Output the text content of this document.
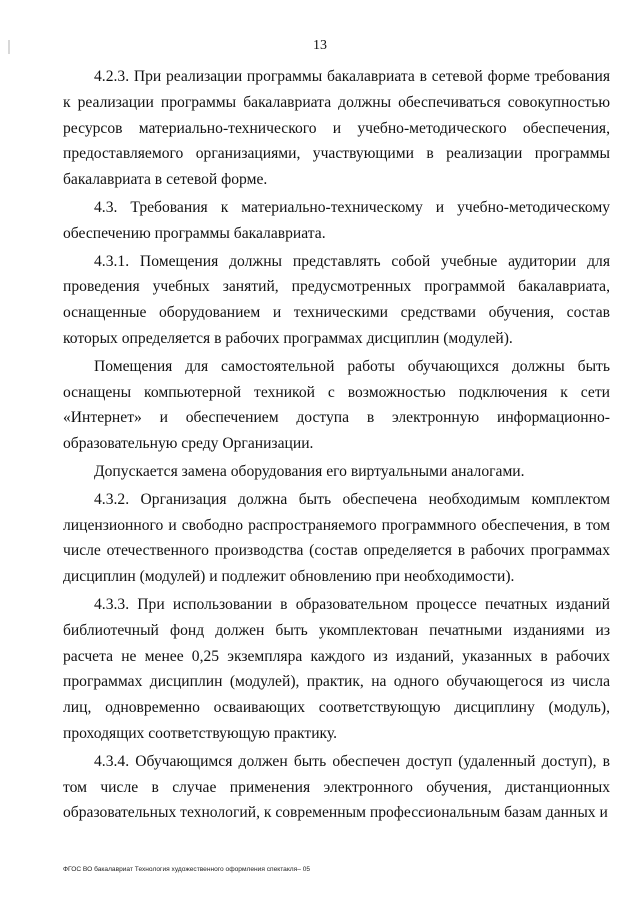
13

4.2.3. При реализации программы бакалавриата в сетевой форме требования к реализации программы бакалавриата должны обеспечиваться совокупностью ресурсов материально-технического и учебно-методического обеспечения, предоставляемого организациями, участвующими в реализации программы бакалавриата в сетевой форме.

4.3. Требования к материально-техническому и учебно-методическому обеспечению программы бакалавриата.

4.3.1. Помещения должны представлять собой учебные аудитории для проведения учебных занятий, предусмотренных программой бакалавриата, оснащенные оборудованием и техническими средствами обучения, состав которых определяется в рабочих программах дисциплин (модулей).

Помещения для самостоятельной работы обучающихся должны быть оснащены компьютерной техникой с возможностью подключения к сети «Интернет» и обеспечением доступа в электронную информационно-образовательную среду Организации.

Допускается замена оборудования его виртуальными аналогами.

4.3.2. Организация должна быть обеспечена необходимым комплектом лицензионного и свободно распространяемого программного обеспечения, в том числе отечественного производства (состав определяется в рабочих программах дисциплин (модулей) и подлежит обновлению при необходимости).

4.3.3. При использовании в образовательном процессе печатных изданий библиотечный фонд должен быть укомплектован печатными изданиями из расчета не менее 0,25 экземпляра каждого из изданий, указанных в рабочих программах дисциплин (модулей), практик, на одного обучающегося из числа лиц, одновременно осваивающих соответствующую дисциплину (модуль), проходящих соответствующую практику.

4.3.4. Обучающимся должен быть обеспечен доступ (удаленный доступ), в том числе в случае применения электронного обучения, дистанционных образовательных технологий, к современным профессиональным базам данных и

ФГОС ВО бакалавриат Технология художественного оформления спектакля– 05
